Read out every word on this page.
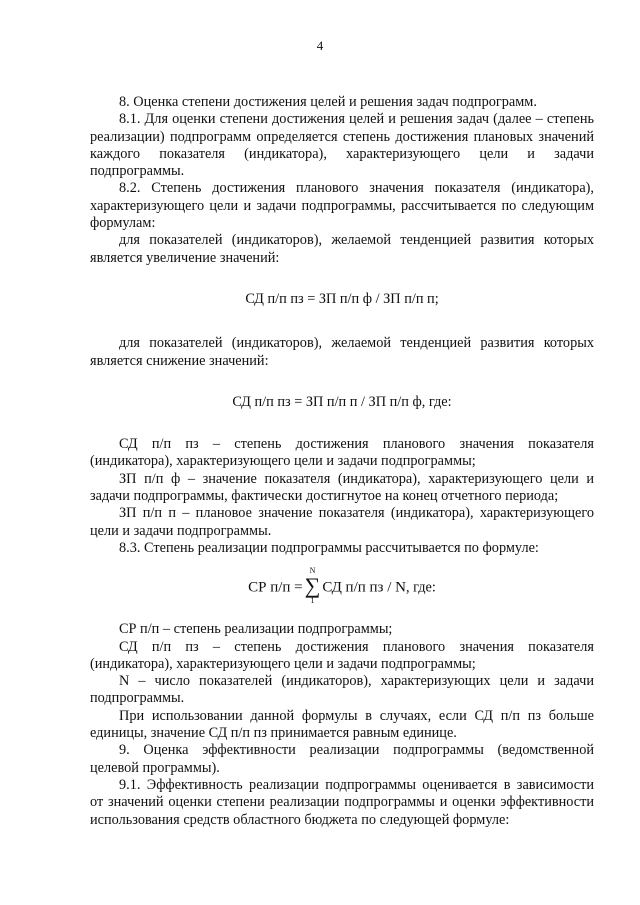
4

8. Оценка степени достижения целей и решения задач подпрограмм.

8.1. Для оценки степени достижения целей и решения задач (далее – степень реализации) подпрограмм определяется степень достижения плановых значений каждого показателя (индикатора), характеризующего цели и задачи подпрограммы.

8.2. Степень достижения планового значения показателя (индикатора), характеризующего цели и задачи подпрограммы, рассчитывается по следующим формулам:

для показателей (индикаторов), желаемой тенденцией развития которых является увеличение значений:

СД п/п пз = ЗП п/п ф / ЗП п/п п;

для показателей (индикаторов), желаемой тенденцией развития которых является снижение значений:

СД п/п пз = ЗП п/п п / ЗП п/п ф, где:

СД п/п пз – степень достижения планового значения показателя (индикатора), характеризующего цели и задачи подпрограммы;

ЗП п/п ф – значение показателя (индикатора), характеризующего цели и задачи подпрограммы, фактически достигнутое на конец отчетного периода;

ЗП п/п п – плановое значение показателя (индикатора), характеризующего цели и задачи подпрограммы.

8.3. Степень реализации подпрограммы рассчитывается по формуле:

СР п/п =
N
∑
1
СД п/п пз / N, где:

СР п/п – степень реализации подпрограммы;

СД п/п пз – степень достижения планового значения показателя (индикатора), характеризующего цели и задачи подпрограммы;

N – число показателей (индикаторов), характеризующих цели и задачи подпрограммы.

При использовании данной формулы в случаях, если СД п/п пз больше единицы, значение СД п/п пз принимается равным единице.

9. Оценка эффективности реализации подпрограммы (ведомственной целевой программы).

9.1. Эффективность реализации подпрограммы оценивается в зависимости от значений оценки степени реализации подпрограммы и оценки эффективности использования средств областного бюджета по следующей формуле:
